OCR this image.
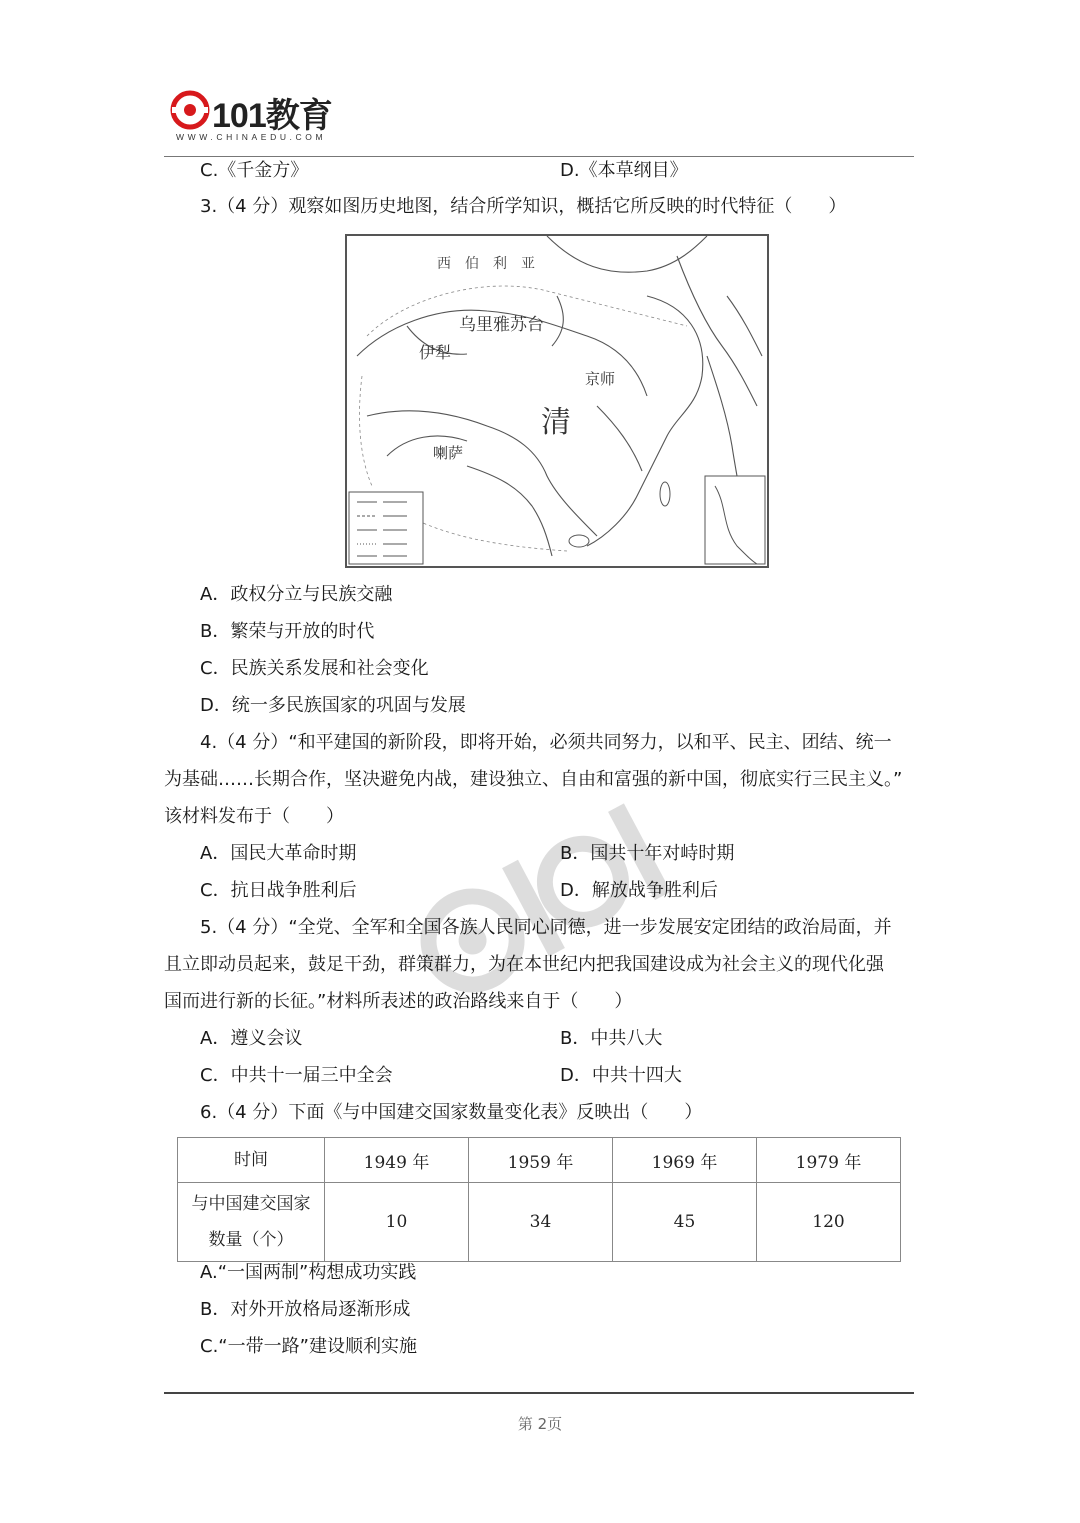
101教育
WWW.CHINAEDU.COM
C.《千金方》	D.《本草纲目》
3.（4 分）观察如图历史地图，结合所学知识，概括它所反映的时代特征（　　）
西　伯　利　亚
乌里雅苏台
伊犁
京师
清
喇萨
A．政权分立与民族交融
B．繁荣与开放的时代
C．民族关系发展和社会变化
D．统一多民族国家的巩固与发展
4.（4 分）“和平建国的新阶段，即将开始，必须共同努力，以和平、民主、团结、统一
为基础……长期合作，坚决避免内战，建设独立、自由和富强的新中国，彻底实行三民主义。”
该材料发布于（　　）
A．国民大革命时期	B．国共十年对峙时期
C．抗日战争胜利后	D．解放战争胜利后
5.（4 分）“全党、全军和全国各族人民同心同德，进一步发展安定团结的政治局面，并
且立即动员起来，鼓足干劲，群策群力，为在本世纪内把我国建设成为社会主义的现代化强
国而进行新的长征。”材料所表述的政治路线来自于（　　）
A．遵义会议	B．中共八大
C．中共十一届三中全会	D．中共十四大
6.（4 分）下面《与中国建交国家数量变化表》反映出（　　）
时间	1949 年	1959 年	1969 年	1979 年

与中国建交国家
数量（个）	10	34	45	120
A.“一国两制”构想成功实践
B．对外开放格局逐渐形成
C.“一带一路”建设顺利实施
第 2页
